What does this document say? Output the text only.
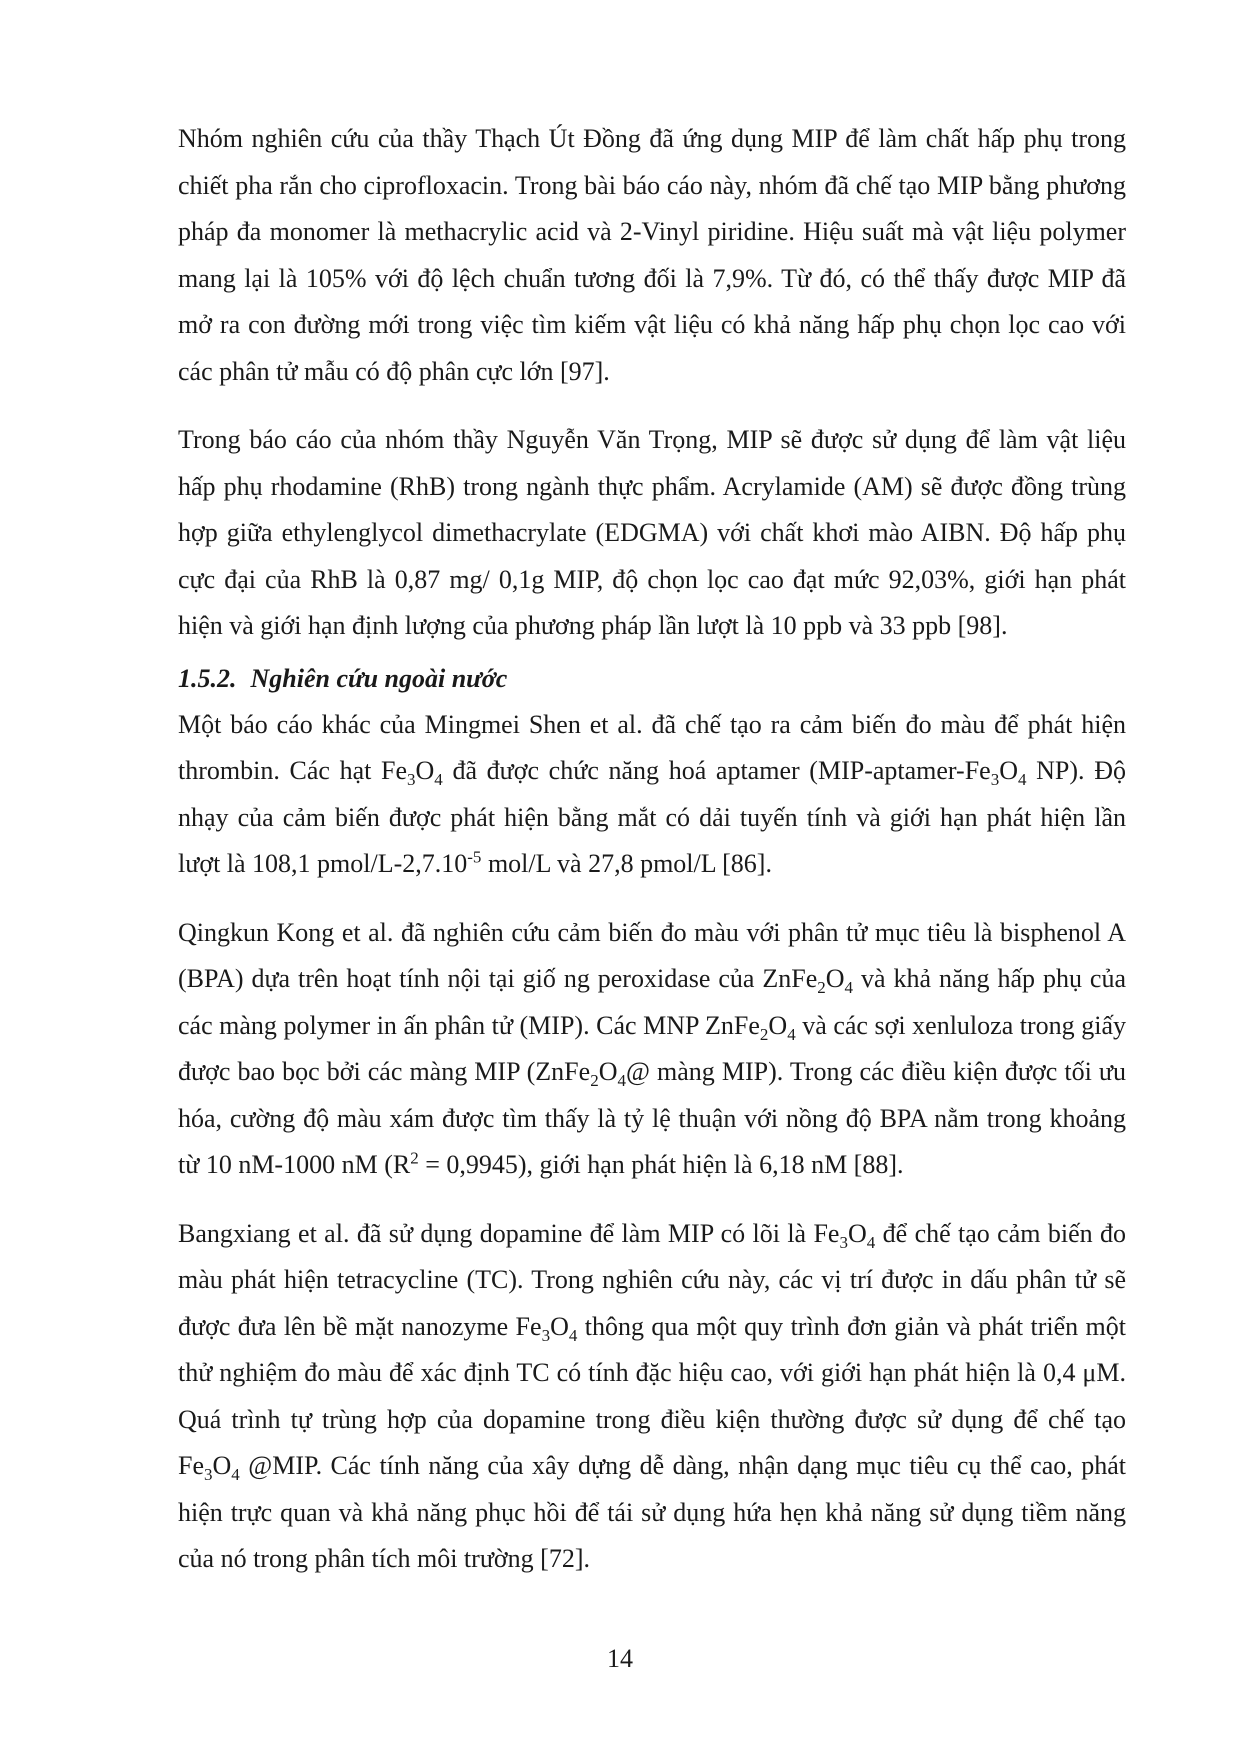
Nhóm nghiên cứu của thầy Thạch Út Đồng đã ứng dụng MIP để làm chất hấp phụ trong chiết pha rắn cho ciprofloxacin. Trong bài báo cáo này, nhóm đã chế tạo MIP bằng phương pháp đa monomer là methacrylic acid và 2-Vinyl piridine. Hiệu suất mà vật liệu polymer mang lại là 105% với độ lệch chuẩn tương đối là 7,9%. Từ đó, có thể thấy được MIP đã mở ra con đường mới trong việc tìm kiếm vật liệu có khả năng hấp phụ chọn lọc cao với các phân tử mẫu có độ phân cực lớn [97].

Trong báo cáo của nhóm thầy Nguyễn Văn Trọng, MIP sẽ được sử dụng để làm vật liệu hấp phụ rhodamine (RhB) trong ngành thực phẩm. Acrylamide (AM) sẽ được đồng trùng hợp giữa ethylenglycol dimethacrylate (EDGMA) với chất khơi mào AIBN. Độ hấp phụ cực đại của RhB là 0,87 mg/ 0,1g MIP, độ chọn lọc cao đạt mức 92,03%, giới hạn phát hiện và giới hạn định lượng của phương pháp lần lượt là 10 ppb và 33 ppb [98].

1.5.2. Nghiên cứu ngoài nước

Một báo cáo khác của Mingmei Shen et al. đã chế tạo ra cảm biến đo màu để phát hiện thrombin. Các hạt $Fe_3O_4$ đã được chức năng hoá aptamer ($MIP-aptamer-Fe_3O_4$ NP). Độ nhạy của cảm biến được phát hiện bằng mắt có dải tuyến tính và giới hạn phát hiện lần lượt là 108,1 pmol/$L-2,7.10^{-5}$ mol/L và 27,8 pmol/L [86].

Qingkun Kong et al. đã nghiên cứu cảm biến đo màu với phân tử mục tiêu là bisphenol A (BPA) dựa trên hoạt tính nội tại giố ng peroxidase của $ZnFe_2O_4$ và khả năng hấp phụ của các màng polymer in ấn phân tử (MIP). Các MNP $ZnFe_2O_4$ và các sợi xenluloza trong giấy được bao bọc bởi các màng MIP ($ZnFe_2O_4@$ màng MIP). Trong các điều kiện được tối ưu hóa, cường độ màu xám được tìm thấy là tỷ lệ thuận với nồng độ BPA nằm trong khoảng từ 10 nM-1000 nM $(R^2 = 0,9945)$, giới hạn phát hiện là 6,18 nM [88].

Bangxiang et al. đã sử dụng dopamine để làm MIP có lõi là $Fe_3O_4$ để chế tạo cảm biến đo màu phát hiện tetracycline (TC). Trong nghiên cứu này, các vị trí được in dấu phân tử sẽ được đưa lên bề mặt nanozyme $Fe_3O_4$ thông qua một quy trình đơn giản và phát triển một thử nghiệm đo màu để xác định TC có tính đặc hiệu cao, với giới hạn phát hiện là 0,4 μM. Quá trình tự trùng hợp của dopamine trong điều kiện thường được sử dụng để chế tạo $Fe_3O_4$ @MIP. Các tính năng của xây dựng dễ dàng, nhận dạng mục tiêu cụ thể cao, phát hiện trực quan và khả năng phục hồi để tái sử dụng hứa hẹn khả năng sử dụng tiềm năng của nó trong phân tích môi trường [72].

14
